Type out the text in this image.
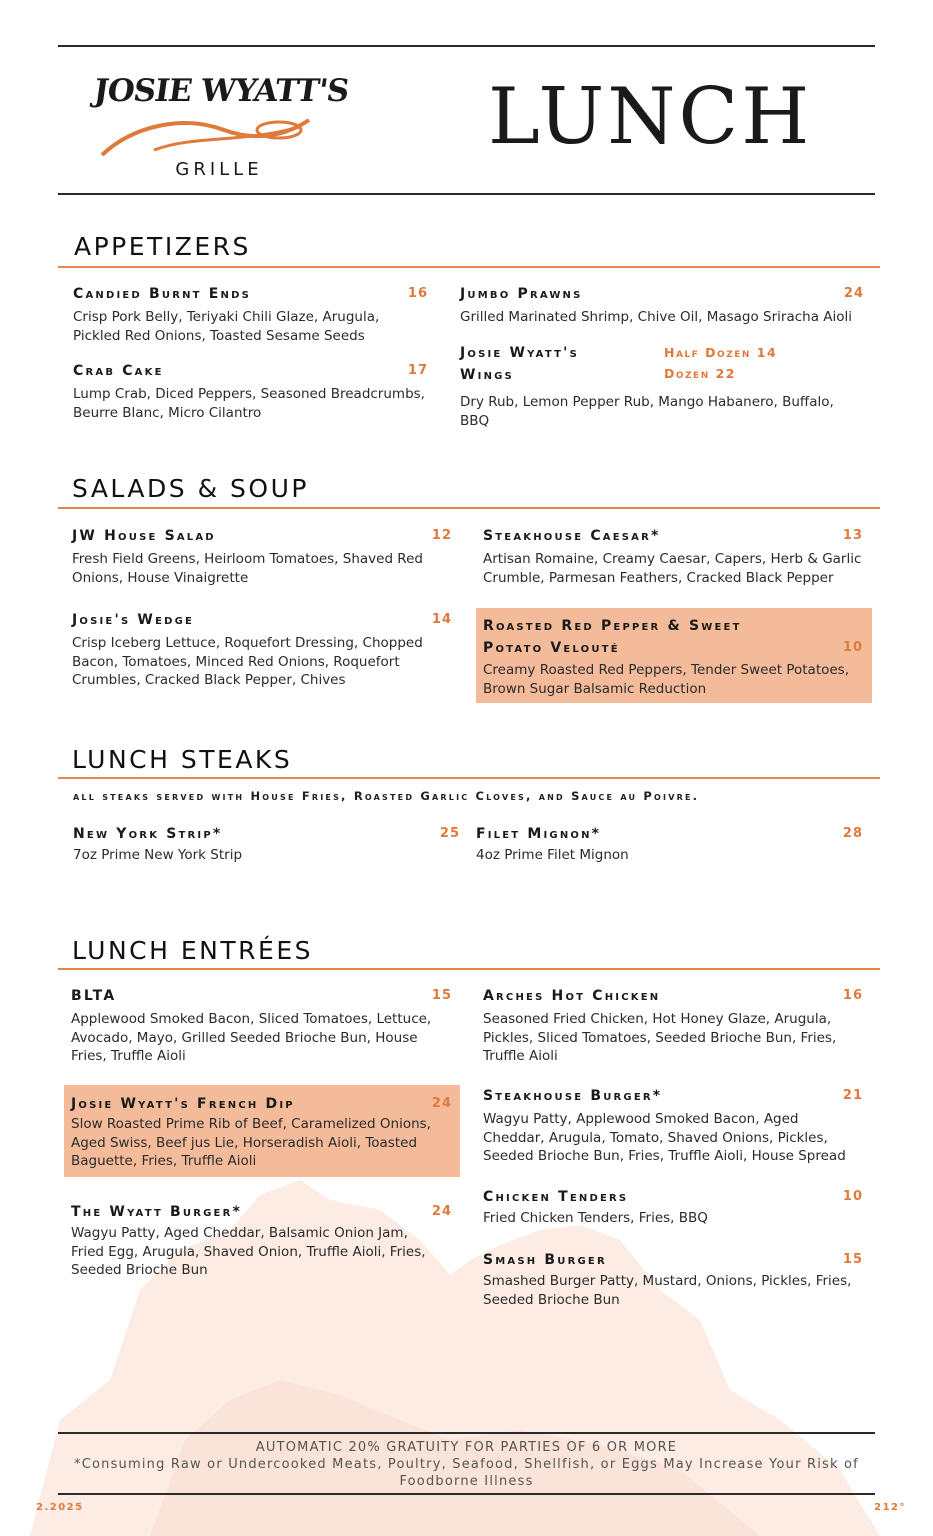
JOSIE WYATT'S
GRILLE
LUNCH
APPETIZERS
Candied Burnt Ends	16
Crisp Pork Belly, Teriyaki Chili Glaze, Arugula, Pickled Red Onions, Toasted Sesame Seeds
Crab Cake	17
Lump Crab, Diced Peppers, Seasoned Breadcrumbs, Beurre Blanc, Micro Cilantro
Jumbo Prawns	24
Grilled Marinated Shrimp, Chive Oil, Masago Sriracha Aioli
Josie Wyatt's
Wings
Half Dozen 14
Dozen 22
Dry Rub, Lemon Pepper Rub, Mango Habanero, Buffalo, BBQ
SALADS & SOUP
JW House Salad	12
Fresh Field Greens, Heirloom Tomatoes, Shaved Red Onions, House Vinaigrette
Josie's Wedge	14
Crisp Iceberg Lettuce, Roquefort Dressing, Chopped Bacon, Tomatoes, Minced Red Onions, Roquefort Crumbles, Cracked Black Pepper, Chives
Steakhouse Caesar*	13
Artisan Romaine, Creamy Caesar, Capers, Herb & Garlic Crumble, Parmesan Feathers, Cracked Black Pepper
Roasted Red Pepper & Sweet
Potato Velouté	10
Creamy Roasted Red Peppers, Tender Sweet Potatoes, Brown Sugar Balsamic Reduction
LUNCH STEAKS
all steaks served with House Fries, Roasted Garlic Cloves, and Sauce au Poivre.
New York Strip*	25
7oz Prime New York Strip
Filet Mignon*	28
4oz Prime Filet Mignon
LUNCH ENTRÉES
BLTA	15
Applewood Smoked Bacon, Sliced Tomatoes, Lettuce, Avocado, Mayo, Grilled Seeded Brioche Bun, House Fries, Truffle Aioli
Josie Wyatt's French Dip	24
Slow Roasted Prime Rib of Beef, Caramelized Onions, Aged Swiss, Beef jus Lie, Horseradish Aioli, Toasted Baguette, Fries, Truffle Aioli
The Wyatt Burger*	24
Wagyu Patty, Aged Cheddar, Balsamic Onion Jam, Fried Egg, Arugula, Shaved Onion, Truffle Aioli, Fries, Seeded Brioche Bun
Arches Hot Chicken	16
Seasoned Fried Chicken, Hot Honey Glaze, Arugula, Pickles, Sliced Tomatoes, Seeded Brioche Bun, Fries, Truffle Aioli
Steakhouse Burger*	21
Wagyu Patty, Applewood Smoked Bacon, Aged Cheddar, Arugula, Tomato, Shaved Onions, Pickles, Seeded Brioche Bun, Fries, Truffle Aioli, House Spread
Chicken Tenders	10
Fried Chicken Tenders, Fries, BBQ
Smash Burger	15
Smashed Burger Patty, Mustard, Onions, Pickles, Fries, Seeded Brioche Bun
AUTOMATIC 20% GRATUITY FOR PARTIES OF 6 OR MORE
*Consuming Raw or Undercooked Meats, Poultry, Seafood, Shellfish, or Eggs May Increase Your Risk of Foodborne Illness
2.2025	212°
